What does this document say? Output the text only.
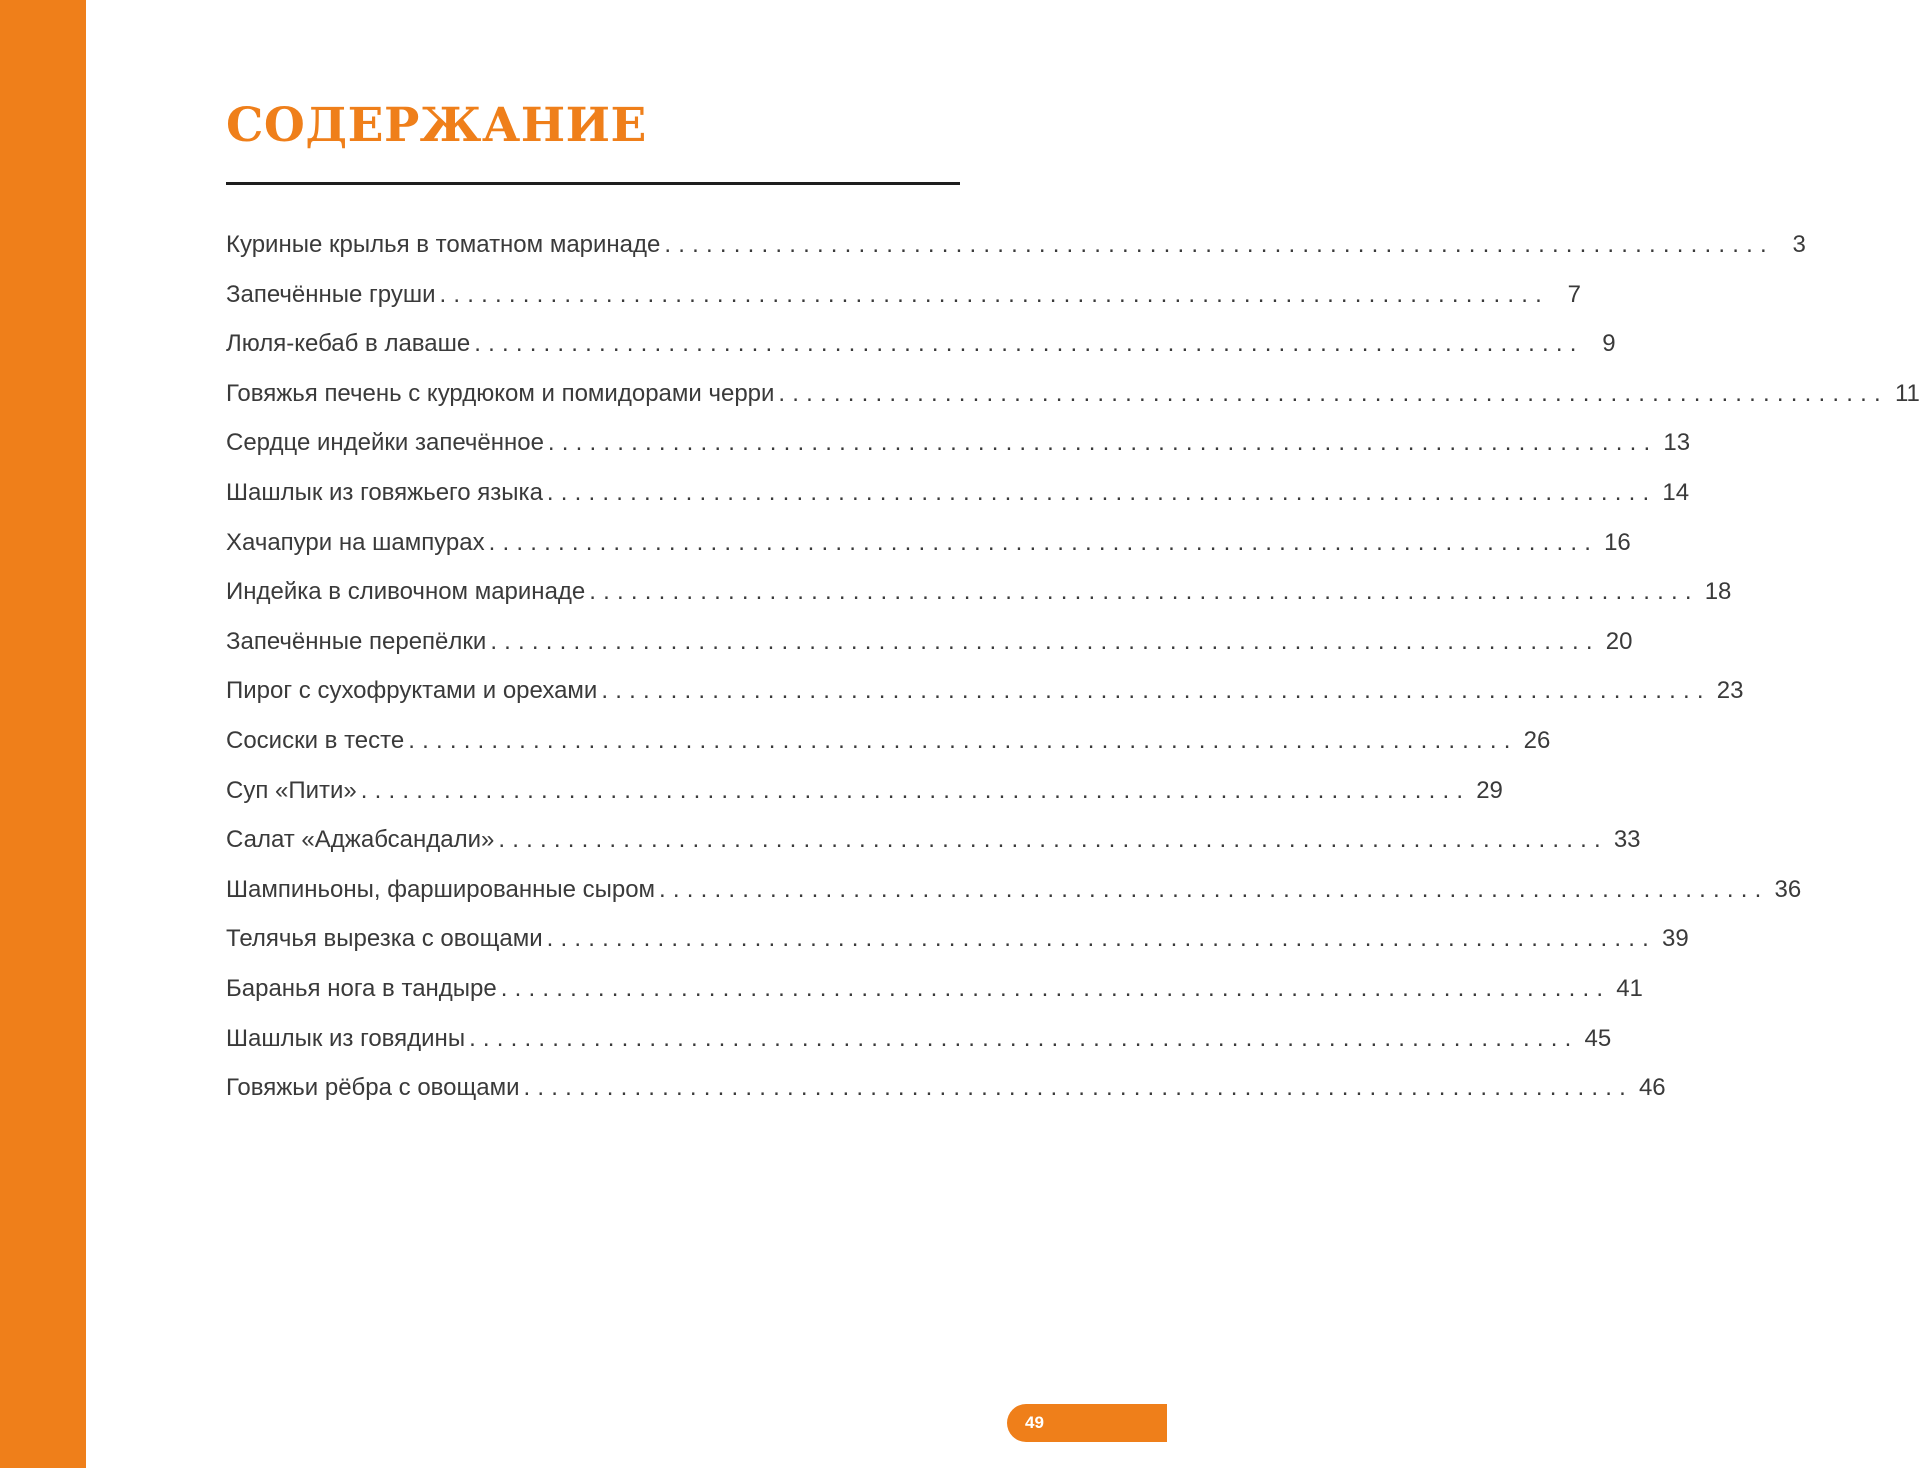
СОДЕРЖАНИЕ
Куриные крылья в томатном маринаде ................................................................................ 3
Запечённые груши ................................................................................ 7
Люля-кебаб в лаваше ................................................................................ 9
Говяжья печень с курдюком и помидорами черри ................................................................................ 11
Сердце индейки запечённое ................................................................................ 13
Шашлык из говяжьего языка ................................................................................ 14
Хачапури на шампурах ................................................................................ 16
Индейка в сливочном маринаде ................................................................................ 18
Запечённые перепёлки ................................................................................ 20
Пирог с сухофруктами и орехами ................................................................................ 23
Сосиски в тесте ................................................................................ 26
Суп «Пити» ................................................................................ 29
Салат «Аджабсандали» ................................................................................ 33
Шампиньоны, фаршированные сыром ................................................................................ 36
Телячья вырезка с овощами ................................................................................ 39
Баранья нога в тандыре ................................................................................ 41
Шашлык из говядины ................................................................................ 45
Говяжьи рёбра с овощами ................................................................................ 46
49
